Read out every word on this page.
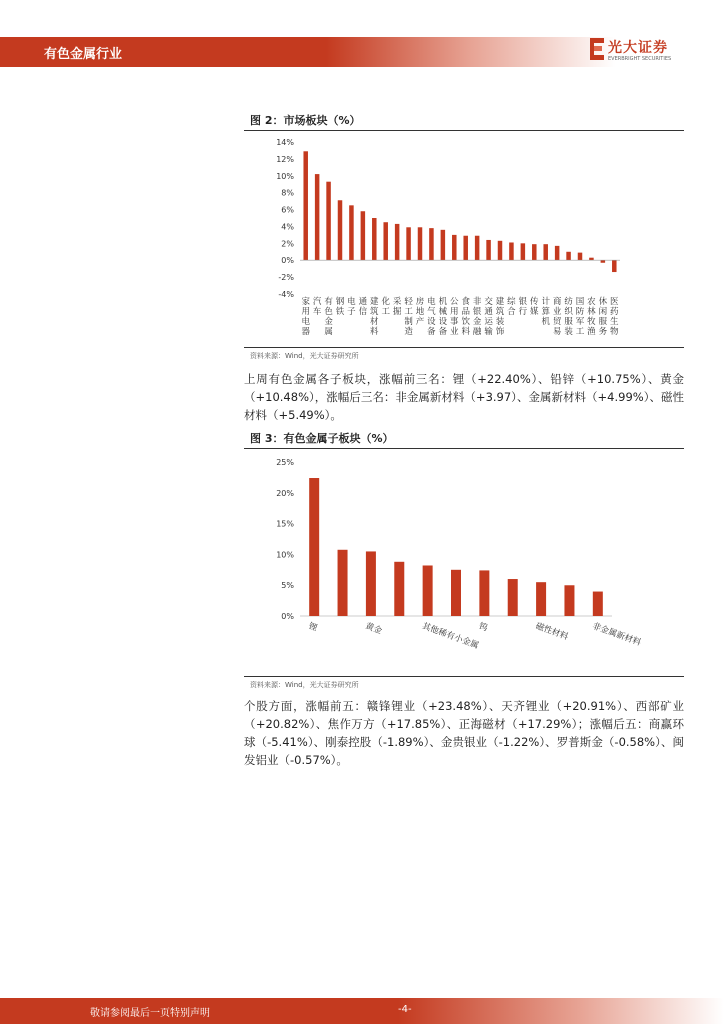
有色金属行业	光大证券
EVERBRIGHT SECURITIES
图 2：市场板块（%）
-4%
-2%
0%
2%
4%
6%
8%
10%
12%
14%
家
用
电
器
汽
车
有
色
金
属
钢
铁
电
子
通
信
建
筑
材
料
化
工
采
掘
轻
工
制
造
房
地
产
电
气
设
备
机
械
设
备
公
用
事
业
食
品
饮
料
非
银
金
融
交
通
运
输
建
筑
装
饰
综
合
银
行
传
媒
计
算
机
商
业
贸
易
纺
织
服
装
国
防
军
工
农
林
牧
渔
休
闲
服
务
医
药
生
物
资料来源：Wind，光大证券研究所
上周有色金属各子板块，涨幅前三名：锂（+22.40%）、铅锌（+10.75%）、黄金（+10.48%），涨幅后三名：非金属新材料（+3.97）、金属新材料（+4.99%）、磁性材料（+5.49%）。
图 3：有色金属子板块（%）
0%
5%
10%
15%
20%
25%
锂	黄金	其他稀有小金属
钨	磁性材料	非金属新材料
资料来源：Wind，光大证券研究所
个股方面，涨幅前五：赣锋锂业（+23.48%）、天齐锂业（+20.91%）、西部矿业（+20.82%）、焦作万方（+17.85%）、正海磁材（+17.29%）；涨幅后五：商赢环球（-5.41%）、刚泰控股（-1.89%）、金贵银业（-1.22%）、罗普斯金（-0.58%）、闽发铝业（-0.57%）。
敬请参阅最后一页特别声明	-4-
